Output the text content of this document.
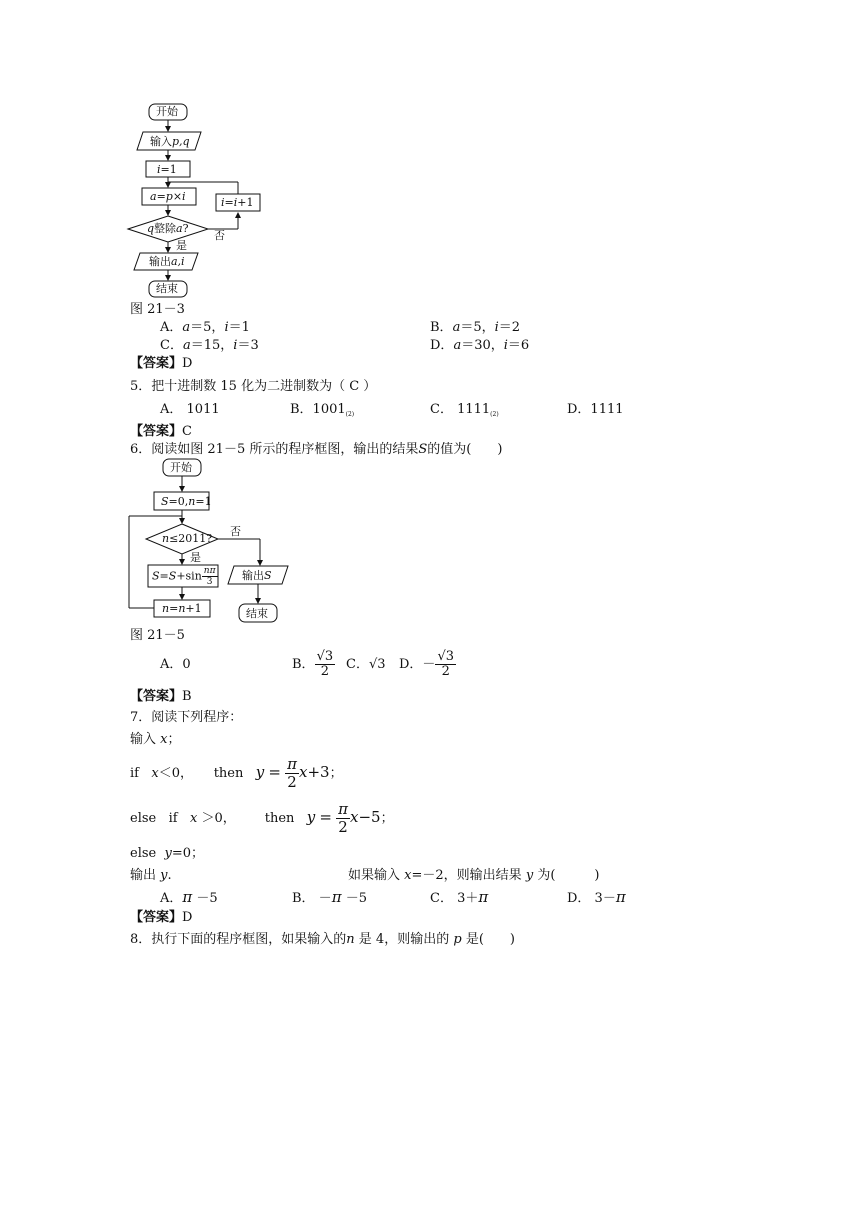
开始
输入p,q
i=1
a=p×i	i=i+1
q整除a?
否
是
输出a,i
结束
图 21－3
A．a＝5，i＝1	B．a＝5，i＝2
C．a＝15，i＝3	D．a＝30，i＝6
【答案】D
5．把十进制数 15 化为二进制数为（ C ）
A． 1011	B．$1001_{(2)}$	C． $1111_{(2)}$	D．1111
【答案】C
6．阅读如图 21－5 所示的程序框图，输出的结果S的值为(　　)
开始
S=0,n=1
n≤2011?
否
是
$S=S+\sin \frac{n\pi}{3}$
n=n+1
输出S
结束
图 21－5
A．0	B． $\frac{√3}{2}$ C．√3 D．－ $\frac{√3}{2}$
【答案】B
7．阅读下列程序：
输入 x；
if x＜0， then $y = \frac{\pi}{2} x+3$；
else if x ＞0， then $y = \frac{\pi}{2} x-5$；
else y=0；
输出 y.	如果输入 x=－2，则输出结果 y 为(　　　)
A．π －5	B． －π －5	C． 3＋π	D． 3－π
【答案】D
8．执行下面的程序框图，如果输入的n 是 4，则输出的 p 是(　　)
